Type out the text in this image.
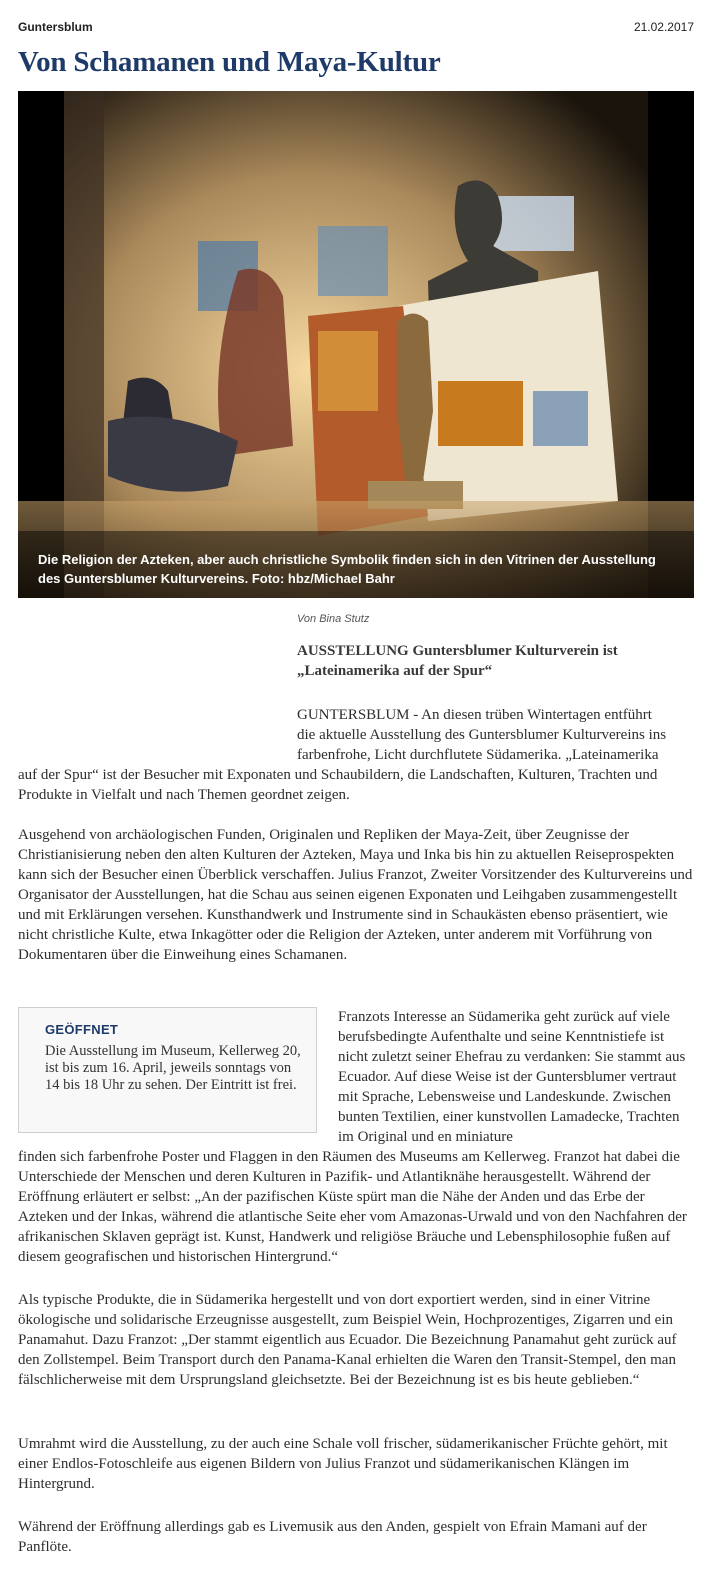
Guntersblum	21.02.2017
Von Schamanen und Maya-Kultur
Die Religion der Azteken, aber auch christliche Symbolik finden sich in den Vitrinen der Ausstellung des Guntersblumer Kulturvereins. Foto: hbz/Michael Bahr
Von Bina Stutz

AUSSTELLUNG Guntersblumer Kulturverein ist „Lateinamerika auf der Spur“

GUNTERSBLUM - An diesen trüben Wintertagen entführt

die aktuelle Ausstellung des Guntersblumer Kulturvereins ins

farbenfrohe, Licht durchflutete Südamerika. „Lateinamerika

auf der Spur“ ist der Besucher mit Exponaten und Schaubildern, die Landschaften, Kulturen, Trachten und Produkte in Vielfalt und nach Themen geordnet zeigen.

Ausgehend von archäologischen Funden, Originalen und Repliken der Maya-Zeit, über Zeugnisse der Christianisierung neben den alten Kulturen der Azteken, Maya und Inka bis hin zu aktuellen Reiseprospekten kann sich der Besucher einen Überblick verschaffen. Julius Franzot, Zweiter Vorsitzender des Kulturvereins und Organisator der Ausstellungen, hat die Schau aus seinen eigenen Exponaten und Leihgaben zusammengestellt und mit Erklärungen versehen. Kunsthandwerk und Instrumente sind in Schaukästen ebenso präsentiert, wie nicht christliche Kulte, etwa Inkagötter oder die Religion der Azteken, unter anderem mit Vorführung von Dokumentaren über die Einweihung eines Schamanen.

GEÖFFNET
Die Ausstellung im Museum, Kellerweg 20, ist bis zum 16. April, jeweils sonntags von 14 bis 18 Uhr zu sehen. Der Eintritt ist frei.

Franzots Interesse an Südamerika geht zurück auf viele berufsbedingte Aufenthalte und seine Kenntnistiefe ist nicht zuletzt seiner Ehefrau zu verdanken: Sie stammt aus Ecuador. Auf diese Weise ist der Guntersblumer vertraut mit Sprache, Lebensweise und Landeskunde. Zwischen bunten Textilien, einer kunstvollen Lamadecke, Trachten im Original und en miniature

finden sich farbenfrohe Poster und Flaggen in den Räumen des Museums am Kellerweg. Franzot hat dabei die Unterschiede der Menschen und deren Kulturen in Pazifik- und Atlantiknähe herausgestellt. Während der Eröffnung erläutert er selbst: „An der pazifischen Küste spürt man die Nähe der Anden und das Erbe der Azteken und der Inkas, während die atlantische Seite eher vom Amazonas-Urwald und von den Nachfahren der afrikanischen Sklaven geprägt ist. Kunst, Handwerk und religiöse Bräuche und Lebensphilosophie fußen auf diesem geografischen und historischen Hintergrund.“

Als typische Produkte, die in Südamerika hergestellt und von dort exportiert werden, sind in einer Vitrine ökologische und solidarische Erzeugnisse ausgestellt, zum Beispiel Wein, Hochprozentiges, Zigarren und ein Panamahut. Dazu Franzot: „Der stammt eigentlich aus Ecuador. Die Bezeichnung Panamahut geht zurück auf den Zollstempel. Beim Transport durch den Panama-Kanal erhielten die Waren den Transit-Stempel, den man fälschlicherweise mit dem Ursprungsland gleichsetzte. Bei der Bezeichnung ist es bis heute geblieben.“

Umrahmt wird die Ausstellung, zu der auch eine Schale voll frischer, südamerikanischer Früchte gehört, mit einer Endlos-Fotoschleife aus eigenen Bildern von Julius Franzot und südamerikanischen Klängen im Hintergrund.

Während der Eröffnung allerdings gab es Livemusik aus den Anden, gespielt von Efrain Mamani auf der Panflöte.
